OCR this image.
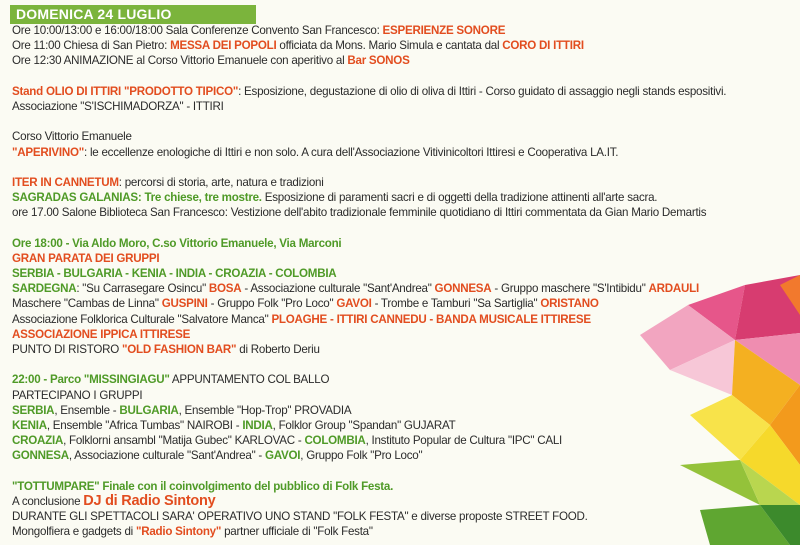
DOMENICA 24 LUGLIO
Ore 10:00/13:00 e 16:00/18:00 Sala Conferenze Convento San Francesco: ESPERIENZE SONORE
Ore 11:00 Chiesa di San Pietro: MESSA DEI POPOLI officiata da Mons. Mario Simula e cantata dal CORO DI ITTIRI
Ore 12:30 ANIMAZIONE al Corso Vittorio Emanuele con aperitivo al Bar SONOS
Stand OLIO DI ITTIRI "PRODOTTO TIPICO": Esposizione, degustazione di olio di oliva di Ittiri - Corso guidato di assaggio negli stands espositivi.
Associazione "S'ISCHIMADORZA" - ITTIRI
Corso Vittorio Emanuele
"APERIVINO": le eccellenze enologiche di Ittiri e non solo. A cura dell'Associazione Vitivinicoltori Ittiresi e Cooperativa LA.IT.
ITER IN CANNETUM: percorsi di storia, arte, natura e tradizioni
SAGRADAS GALANIAS: Tre chiese, tre mostre. Esposizione di paramenti sacri e di oggetti della tradizione attinenti all'arte sacra.
ore 17.00 Salone Biblioteca San Francesco: Vestizione dell'abito tradizionale femminile quotidiano di Ittiri commentata da Gian Mario Demartis
Ore 18:00 - Via Aldo Moro, C.so Vittorio Emanuele, Via Marconi
GRAN PARATA DEI GRUPPI
SERBIA - BULGARIA - KENIA - INDIA - CROAZIA - COLOMBIA
SARDEGNA: "Su Carrasegare Osincu" BOSA - Associazione culturale "Sant'Andrea" GONNESA - Gruppo maschere "S'Intibidu" ARDAULI
Maschere "Cambas de Linna" GUSPINI - Gruppo Folk "Pro Loco" GAVOI - Trombe e Tamburi "Sa Sartiglia" ORISTANO
Associazione Folklorica Culturale "Salvatore Manca" PLOAGHE - ITTIRI CANNEDU - BANDA MUSICALE ITTIRESE
ASSOCIAZIONE IPPICA ITTIRESE
PUNTO DI RISTORO "OLD FASHION BAR" di Roberto Deriu
22:00 - Parco "MISSINGIAGU" APPUNTAMENTO COL BALLO
PARTECIPANO I GRUPPI
SERBIA, Ensemble - BULGARIA, Ensemble "Hop-Trop" PROVADIA
KENIA, Ensemble "Africa Tumbas" NAIROBI - INDIA, Folklor Group "Spandan" GUJARAT
CROAZIA, Folklorni ansambl "Matija Gubec" KARLOVAC - COLOMBIA, Instituto Popular de Cultura "IPC" CALI
GONNESA, Associazione culturale "Sant'Andrea" - GAVOI, Gruppo Folk "Pro Loco"
"TOTTUMPARE" Finale con il coinvolgimento del pubblico di Folk Festa.
A conclusione DJ di Radio Sintony
DURANTE GLI SPETTACOLI SARA' OPERATIVO UNO STAND "FOLK FESTA" e diverse proposte STREET FOOD.
Mongolfiera e gadgets di "Radio Sintony" partner ufficiale di "Folk Festa"
